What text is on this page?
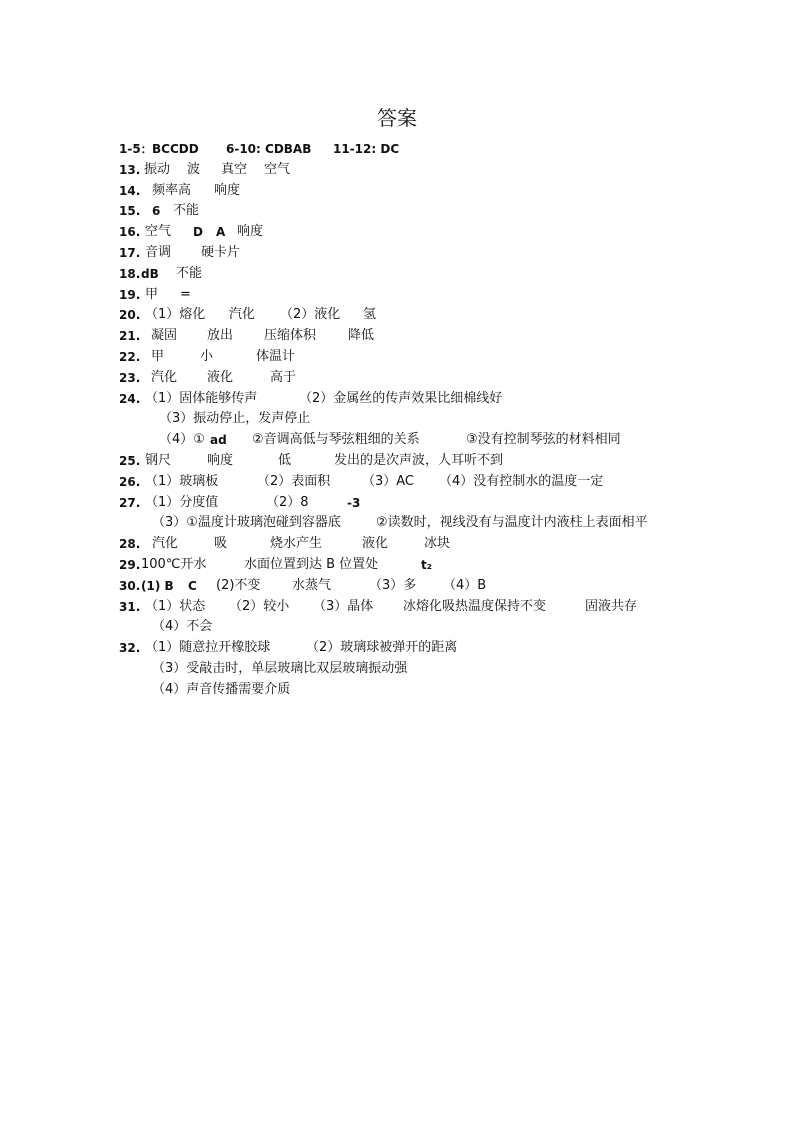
答案
1-5： BCCDD 6-10: CDBAB 11-12: DC
13. 振动 波 真空 空气
14. 频率高 响度
15. 6 不能
16. 空气 D A 响度
17. 音调 硬卡片
18. dB 不能
19. 甲 =
20. （1）熔化 汽化 （2）液化 氢
21. 凝固 放出 压缩体积 降低
22. 甲	小	体温计
23. 汽化 液化	高于
24. （1）固体能够传声	（2）金属丝的传声效果比细棉线好
（3）振动停止，发声停止
（4）① ad ②音调高低与琴弦粗细的关系	③没有控制琴弦的材料相同
25. 钢尺	响度	低	发出的是次声波，人耳听不到
26. （1）玻璃板	（2）表面积 （3）AC （4）没有控制水的温度一定
27. （1）分度值	（2）8	-3
（3）①温度计玻璃泡碰到容器底	②读数时，视线没有与温度计内液柱上表面相平
28. 汽化	吸	烧水产生	液化	冰块
29. 100℃开水	水面位置到达 B 位置处	t₂
30. (1) B C (2)不变 水蒸气	（3）多 （4）B
31. （1）状态 （2）较小 （3）晶体 冰熔化吸热温度保持不变	固液共存
（4）不会
32. （1）随意拉开橡胶球	（2）玻璃球被弹开的距离
（3）受敲击时，单层玻璃比双层玻璃振动强
（4）声音传播需要介质
